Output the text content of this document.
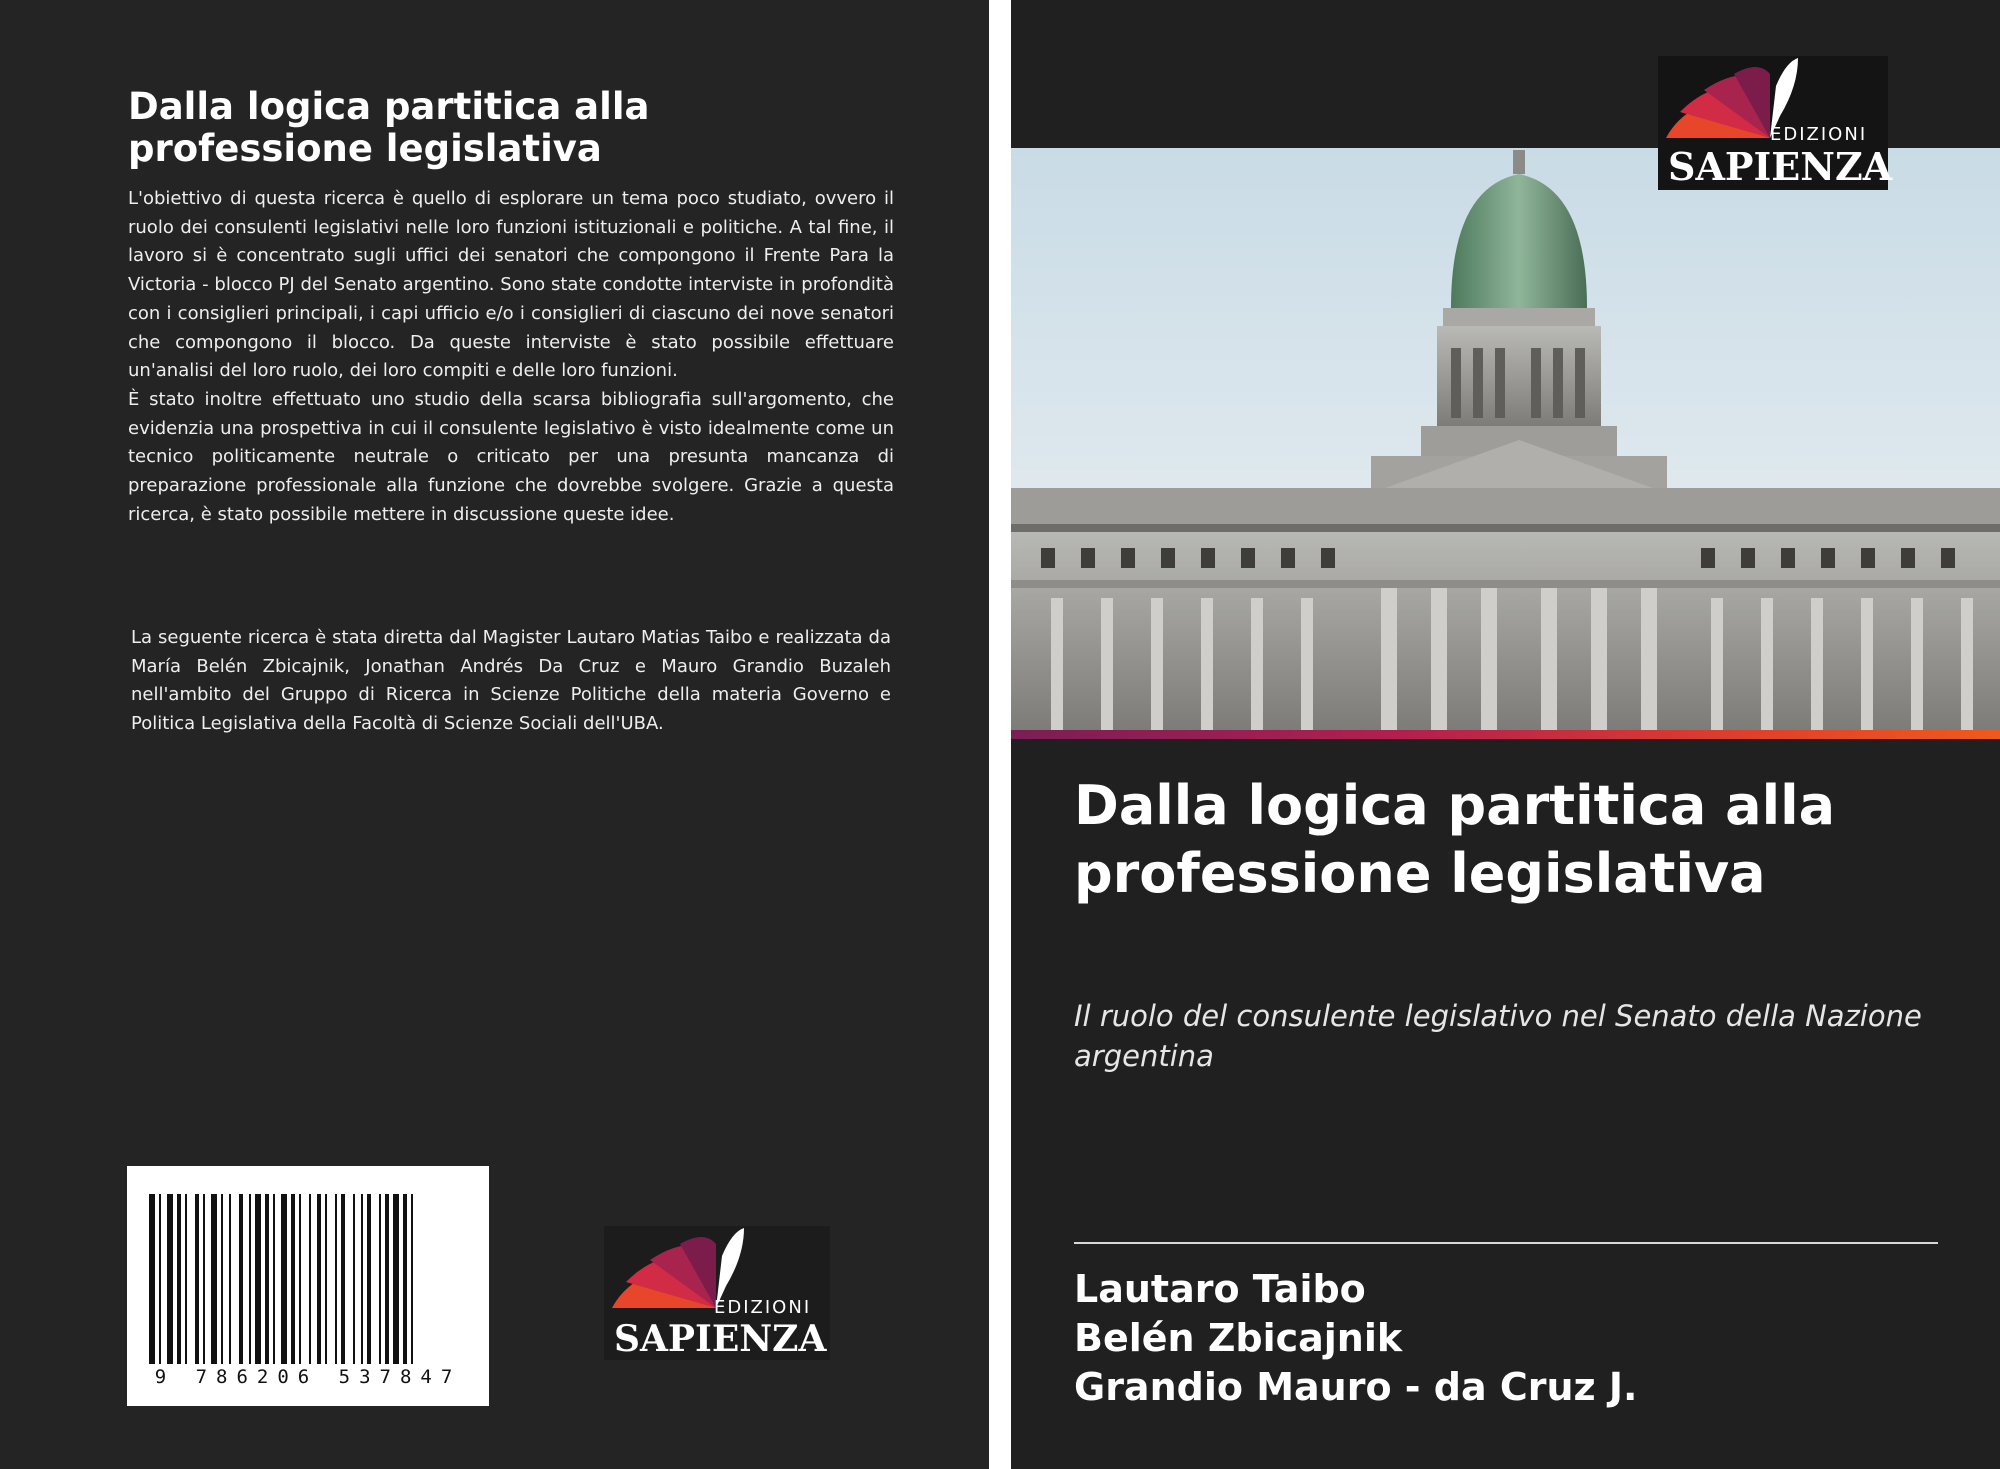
Dalla logica partitica alla professione legislativa

L'obiettivo di questa ricerca è quello di esplorare un tema poco studiato, ovvero il ruolo dei consulenti legislativi nelle loro funzioni istituzionali e politiche. A tal fine, il lavoro si è concentrato sugli uffici dei senatori che compongono il Frente Para la Victoria - blocco PJ del Senato argentino. Sono state condotte interviste in profondità con i consiglieri principali, i capi ufficio e/o i consiglieri di ciascuno dei nove senatori che compongono il blocco. Da queste interviste è stato possibile effettuare un'analisi del loro ruolo, dei loro compiti e delle loro funzioni.

È stato inoltre effettuato uno studio della scarsa bibliografia sull'argomento, che evidenzia una prospettiva in cui il consulente legislativo è visto idealmente come un tecnico politicamente neutrale o criticato per una presunta mancanza di preparazione professionale alla funzione che dovrebbe svolgere. Grazie a questa ricerca, è stato possibile mettere in discussione queste idee.

La seguente ricerca è stata diretta dal Magister Lautaro Matias Taibo e realizzata da María Belén Zbicajnik, Jonathan Andrés Da Cruz e Mauro Grandio Buzaleh nell'ambito del Gruppo di Ricerca in Scienze Politiche della materia Governo e Politica Legislativa della Facoltà di Scienze Sociali dell'UBA.

9 786206 537847
EDIZIONI
SAPIENZA
EDIZIONI
SAPIENZA
Dalla logica partitica alla professione legislativa

Il ruolo del consulente legislativo nel Senato della Nazione argentina

Lautaro Taibo

Belén Zbicajnik

Grandio Mauro - da Cruz J.
